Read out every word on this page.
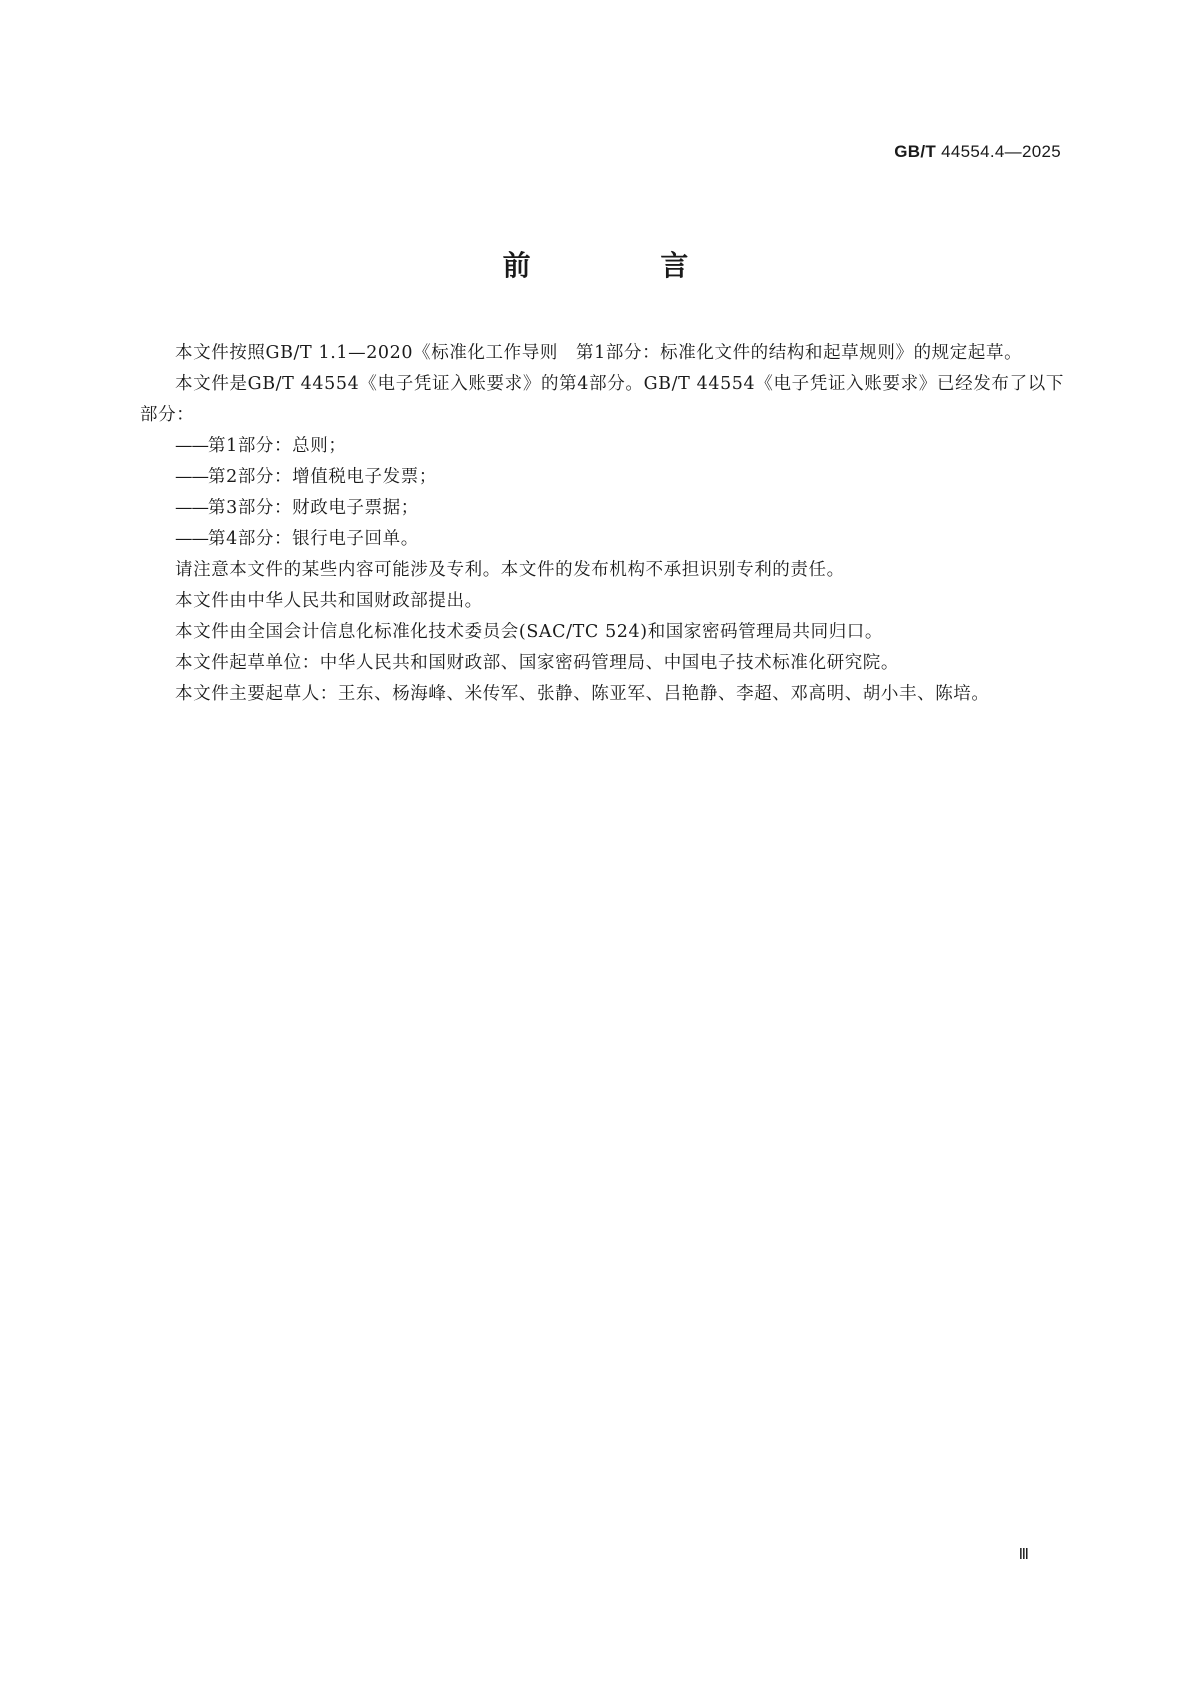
GB/T 44554.4—2025
前 言

本文件按照GB/T 1.1—2020《标准化工作导则　第1部分：标准化文件的结构和起草规则》的规定起草。

本文件是GB/T 44554《电子凭证入账要求》的第4部分。GB/T 44554《电子凭证入账要求》已经发布了以下部分：

——第1部分：总则；

——第2部分：增值税电子发票；

——第3部分：财政电子票据；

——第4部分：银行电子回单。

请注意本文件的某些内容可能涉及专利。本文件的发布机构不承担识别专利的责任。

本文件由中华人民共和国财政部提出。

本文件由全国会计信息化标准化技术委员会(SAC/TC 524)和国家密码管理局共同归口。

本文件起草单位：中华人民共和国财政部、国家密码管理局、中国电子技术标准化研究院。

本文件主要起草人：王东、杨海峰、米传军、张静、陈亚军、吕艳静、李超、邓高明、胡小丰、陈培。

Ⅲ
